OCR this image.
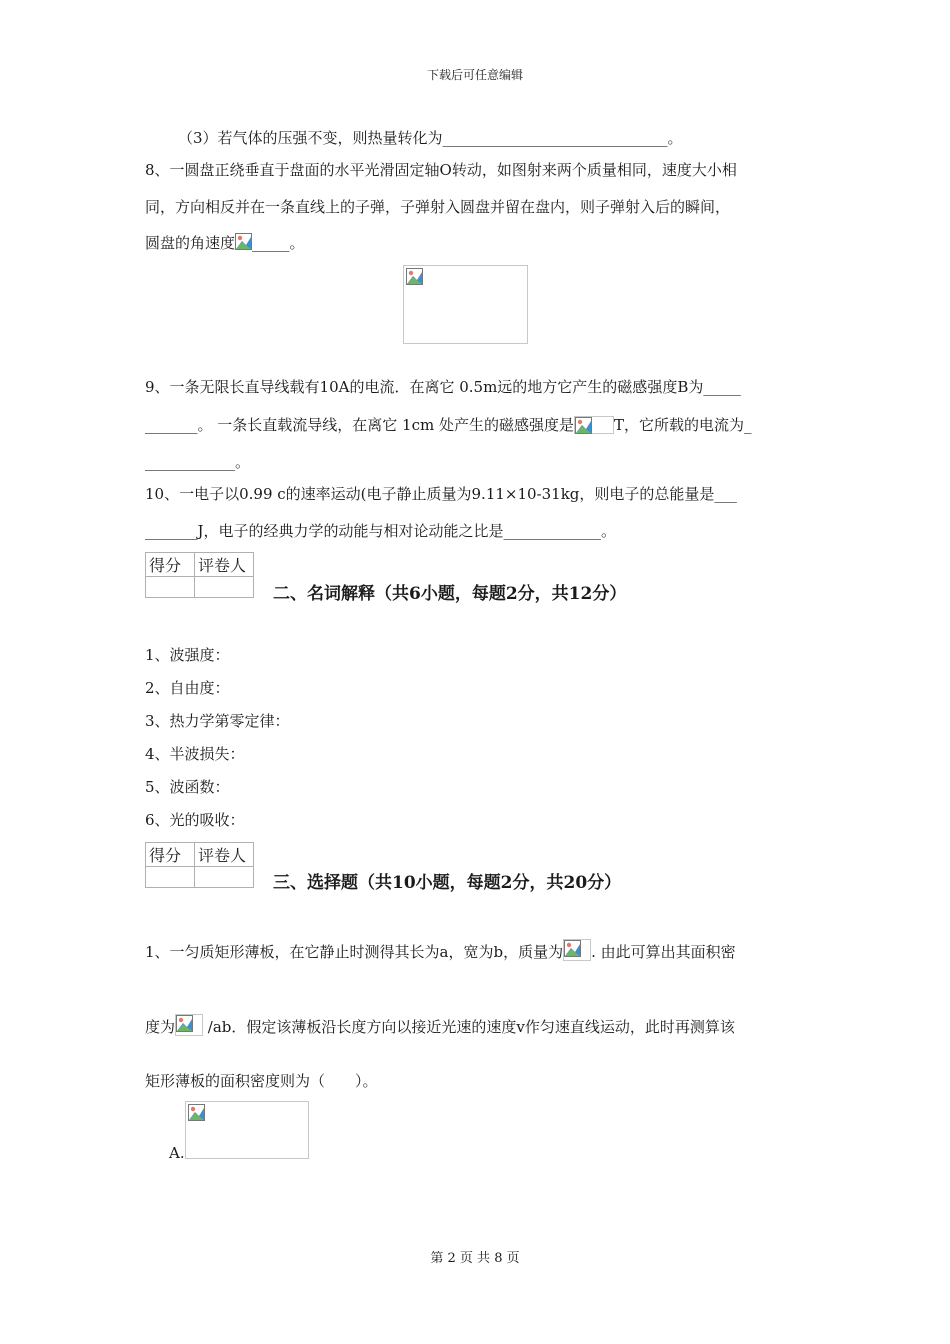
下载后可任意编辑
（3）若气体的压强不变，则热量转化为______________________________。
8、一圆盘正绕垂直于盘面的水平光滑固定轴O转动，如图射来两个质量相同，速度大小相
同，方向相反并在一条直线上的子弹，子弹射入圆盘并留在盘内，则子弹射入后的瞬间，
圆盘的角速度 _____。
9、一条无限长直导线载有10A的电流．在离它 0.5m远的地方它产生的磁感强度B为_____
_______。 一条长直载流导线，在离它 1cm 处产生的磁感强度是	T，它所载的电流为_
____________。
10、一电子以0.99 c的速率运动(电子静止质量为9.11×10-31kg，则电子的总能量是___
_______J，电子的经典力学的动能与相对论动能之比是_____________。
得分	评卷人

二、名词解释（共6小题，每题2分，共12分）
1、波强度：
2、自由度：
3、热力学第零定律：
4、半波损失：
5、波函数：
6、光的吸收：
得分	评卷人

三、选择题（共10小题，每题2分，共20分）
1、一匀质矩形薄板，在它静止时测得其长为a，宽为b，质量为 . 由此可算出其面积密
度为
/ab．假定该薄板沿长度方向以接近光速的速度v作匀速直线运动，此时再测算该
矩形薄板的面积密度则为（　　）。
A.
第 2 页 共 8 页
